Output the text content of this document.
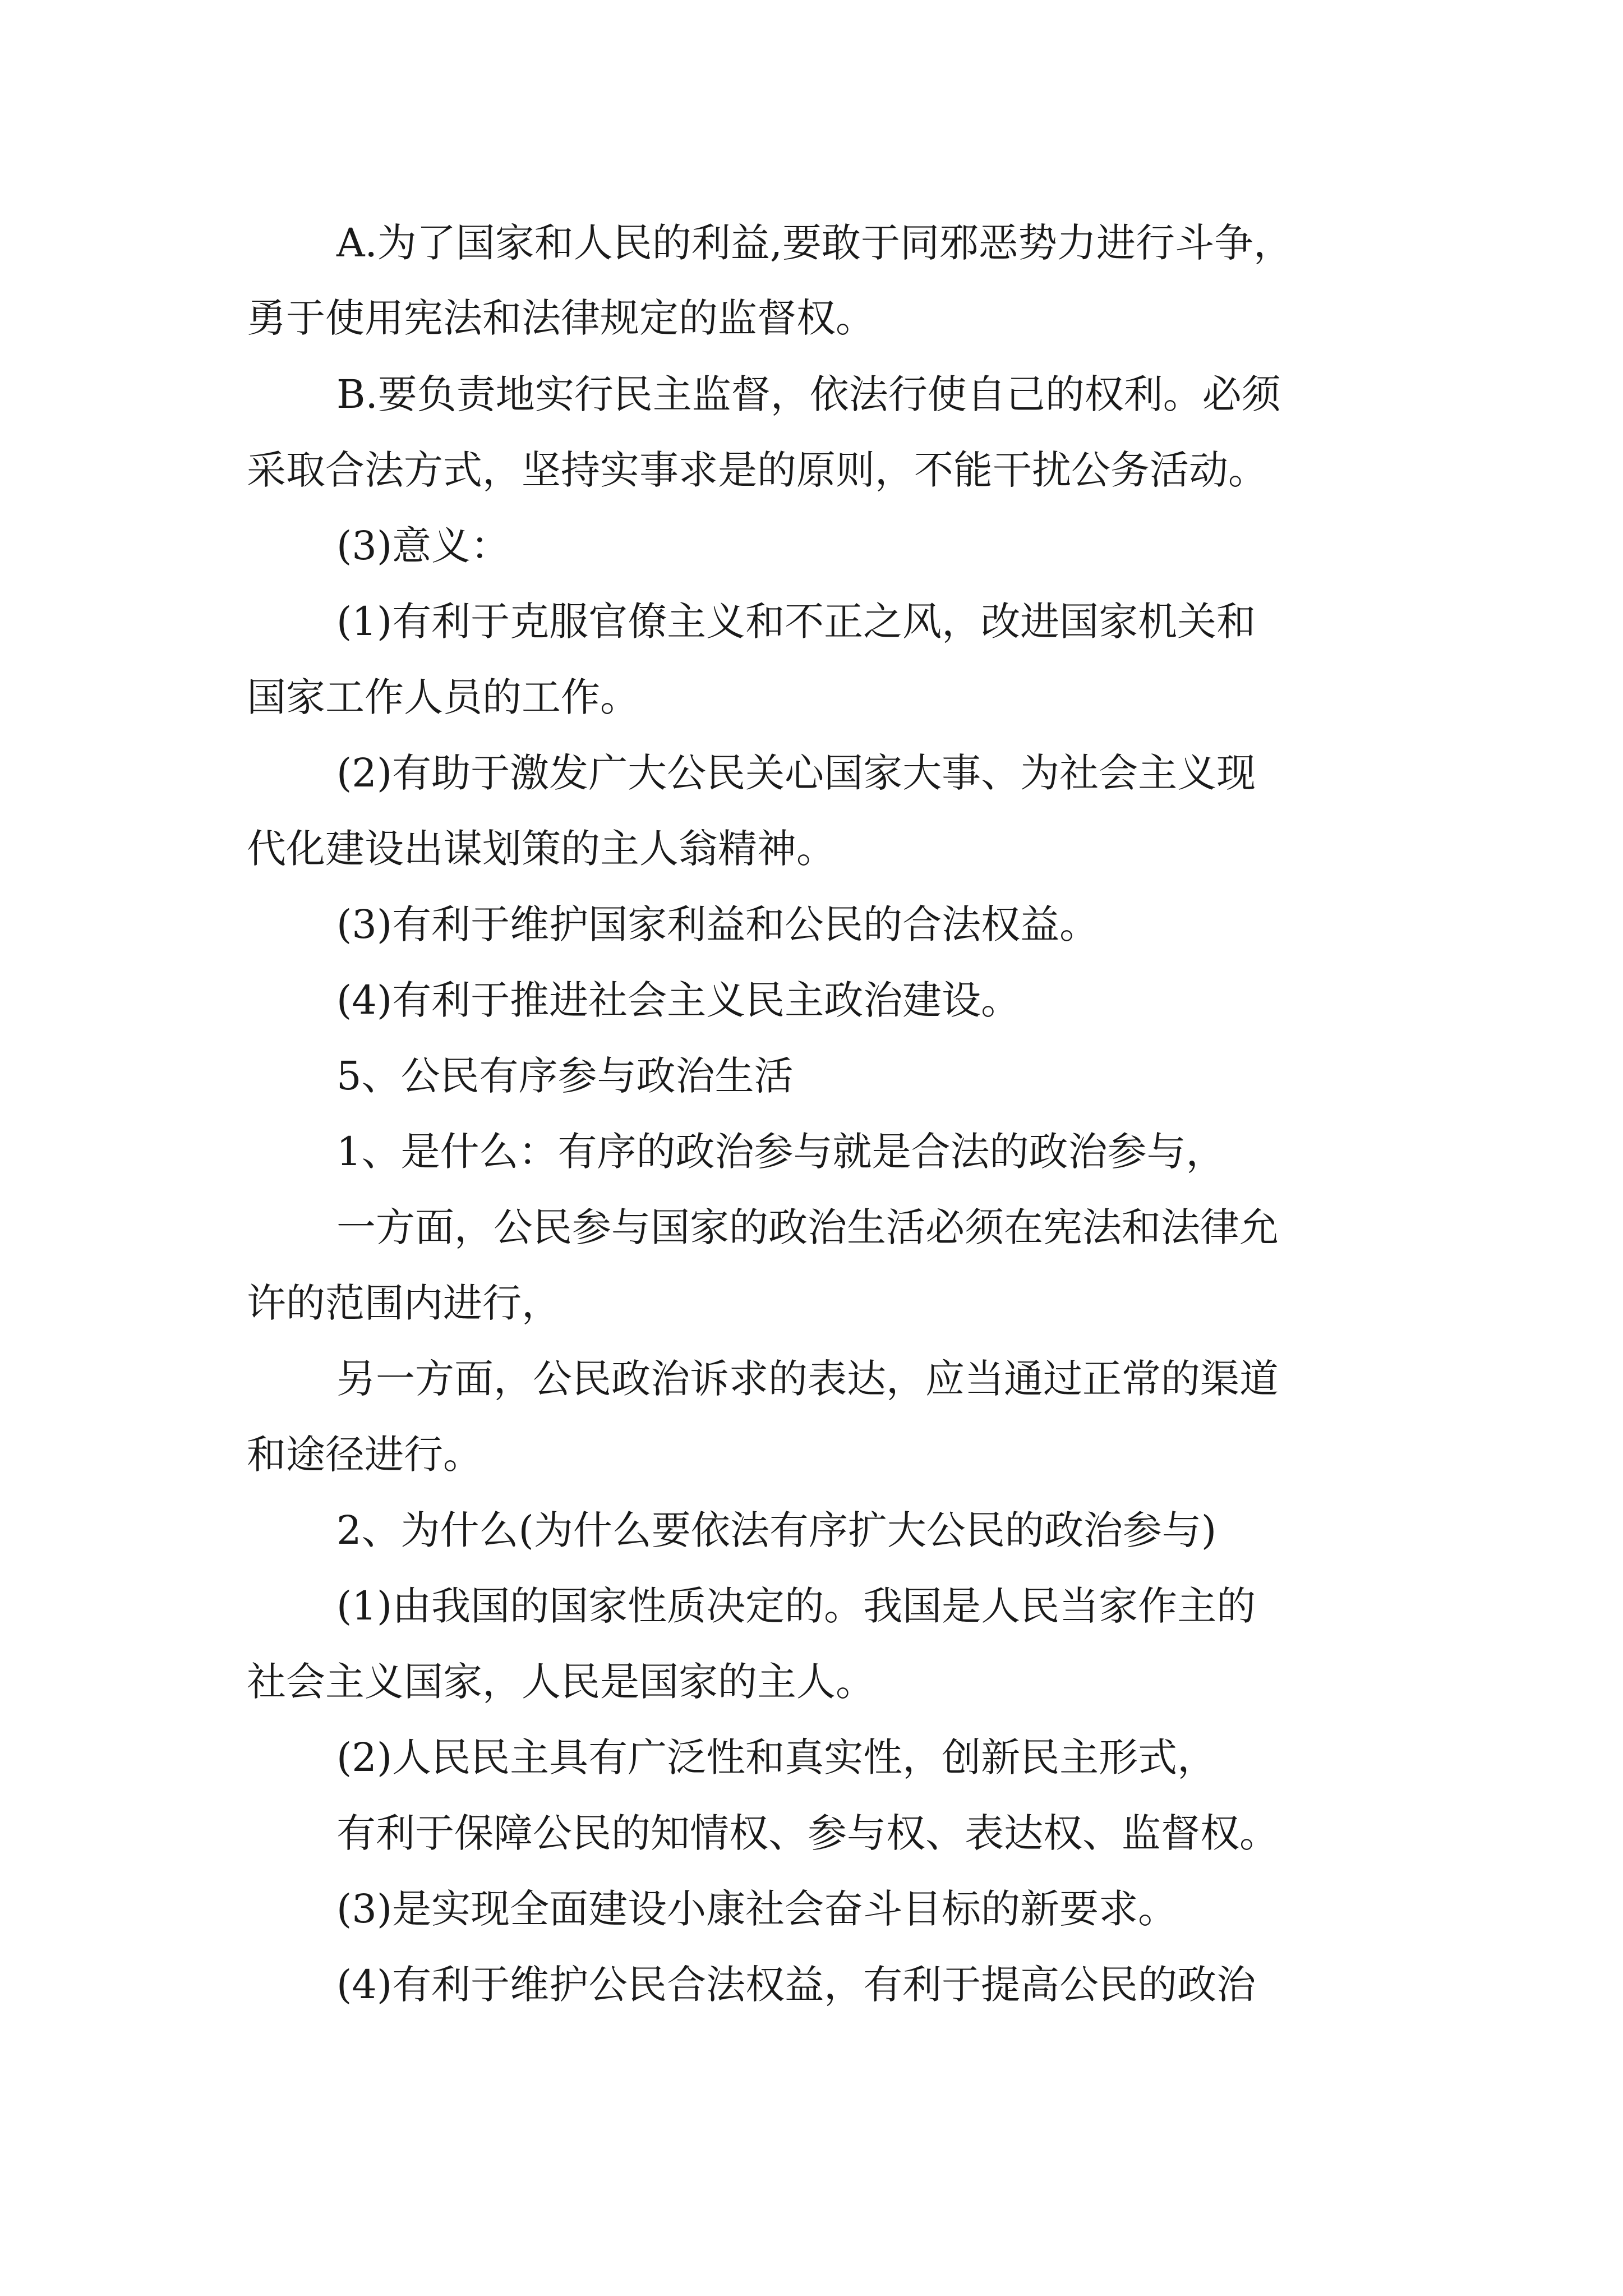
A.为了国家和人民的利益,要敢于同邪恶势力进行斗争，

勇于使用宪法和法律规定的监督权。

B.要负责地实行民主监督，依法行使自己的权利。必须

采取合法方式，坚持实事求是的原则，不能干扰公务活动。

(3)意义：

(1)有利于克服官僚主义和不正之风，改进国家机关和

国家工作人员的工作。

(2)有助于激发广大公民关心国家大事、为社会主义现

代化建设出谋划策的主人翁精神。

(3)有利于维护国家利益和公民的合法权益。

(4)有利于推进社会主义民主政治建设。

5、公民有序参与政治生活

1、是什么：有序的政治参与就是合法的政治参与，

一方面，公民参与国家的政治生活必须在宪法和法律允

许的范围内进行，

另一方面，公民政治诉求的表达，应当通过正常的渠道

和途径进行。

2、为什么(为什么要依法有序扩大公民的政治参与)

(1)由我国的国家性质决定的。我国是人民当家作主的

社会主义国家，人民是国家的主人。

(2)人民民主具有广泛性和真实性，创新民主形式，

有利于保障公民的知情权、参与权、表达权、监督权。

(3)是实现全面建设小康社会奋斗目标的新要求。

(4)有利于维护公民合法权益，有利于提高公民的政治
